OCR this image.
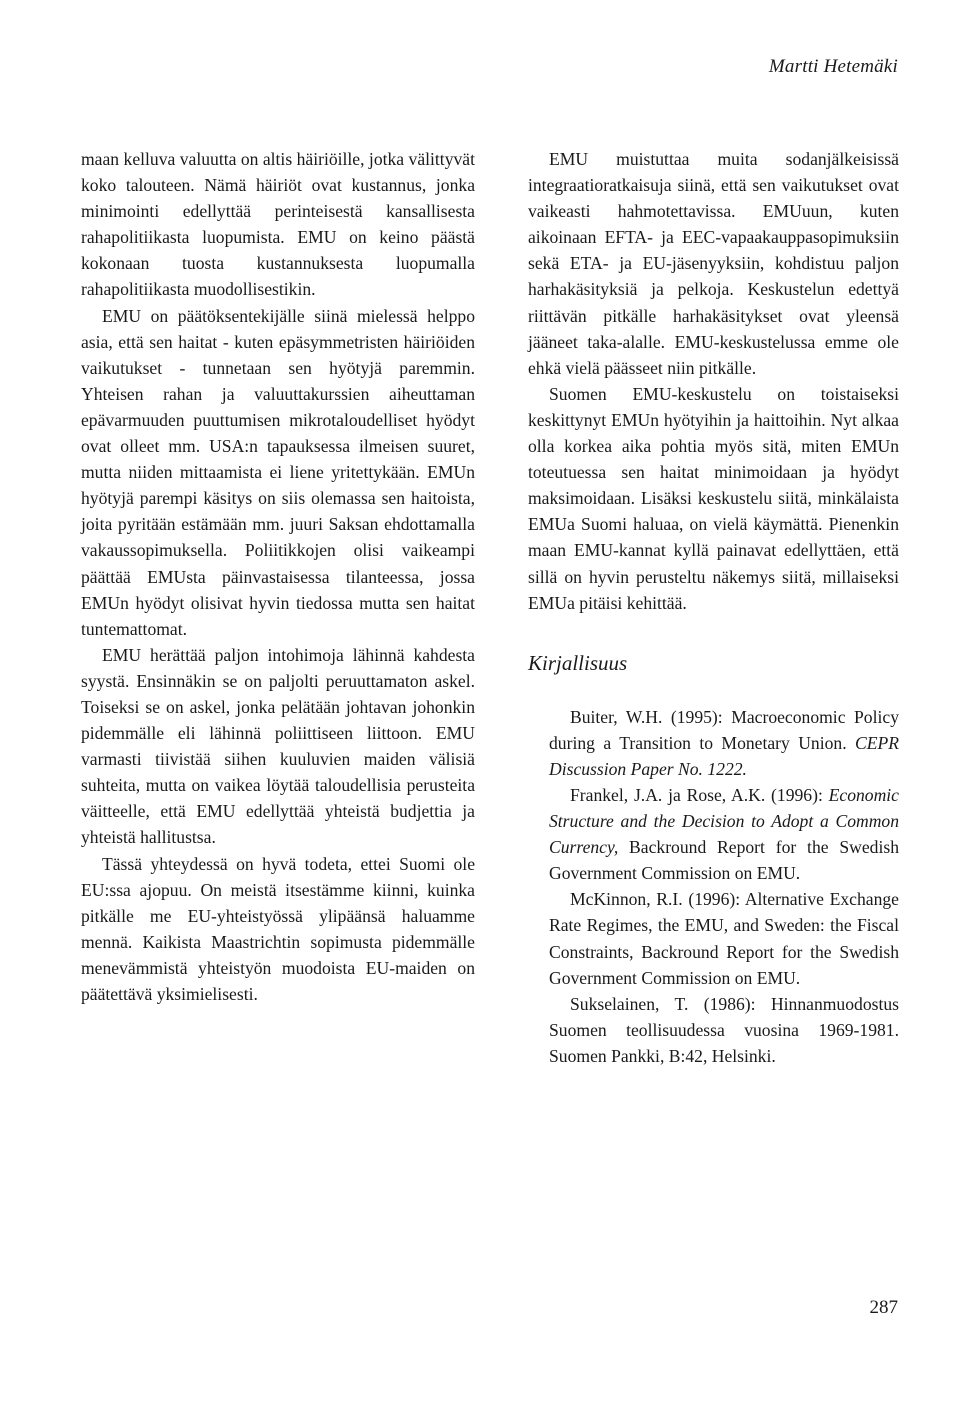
Martti Hetemäki

maan kelluva valuutta on altis häiriöille, jotka välittyvät koko talouteen. Nämä häiriöt ovat kustannus, jonka minimointi edellyttää perinteisestä kansallisesta rahapolitiikasta luopumista. EMU on keino päästä kokonaan tuosta kustannuksesta luopumalla rahapolitiikasta muodollisestikin.

EMU on päätöksentekijälle siinä mielessä helppo asia, että sen haitat - kuten epäsymmetristen häiriöiden vaikutukset - tunnetaan sen hyötyjä paremmin. Yhteisen rahan ja valuuttakurssien aiheuttaman epävarmuuden puuttumisen mikrotaloudelliset hyödyt ovat olleet mm. USA:n tapauksessa ilmeisen suuret, mutta niiden mittaamista ei liene yritettykään. EMUn hyötyjä parempi käsitys on siis olemassa sen haitoista, joita pyritään estämään mm. juuri Saksan ehdottamalla vakaussopimuksella. Poliitikkojen olisi vaikeampi päättää EMUsta päinvastaisessa tilanteessa, jossa EMUn hyödyt olisivat hyvin tiedossa mutta sen haitat tuntemattomat.

EMU herättää paljon intohimoja lähinnä kahdesta syystä. Ensinnäkin se on paljolti peruuttamaton askel. Toiseksi se on askel, jonka pelätään johtavan johonkin pidemmälle eli lähinnä poliittiseen liittoon. EMU varmasti tiivistää siihen kuuluvien maiden välisiä suhteita, mutta on vaikea löytää taloudellisia perusteita väitteelle, että EMU edellyttää yhteistä budjettia ja yhteistä hallitustsa.

Tässä yhteydessä on hyvä todeta, ettei Suomi ole EU:ssa ajopuu. On meistä itsestämme kiinni, kuinka pitkälle me EU-yhteistyössä ylipäänsä haluamme mennä. Kaikista Maastrichtin sopimusta pidemmälle menevämmistä yhteistyön muodoista EU-maiden on päätettävä yksimielisesti.

EMU muistuttaa muita sodanjälkeisissä integraatioratkaisuja siinä, että sen vaikutukset ovat vaikeasti hahmotettavissa. EMUuun, kuten aikoinaan EFTA- ja EEC-vapaakauppasopimuksiin sekä ETA- ja EU-jäsenyyksiin, kohdistuu paljon harhakäsityksiä ja pelkoja. Keskustelun edettyä riittävän pitkälle harhakäsitykset ovat yleensä jääneet taka-alalle. EMU-keskustelussa emme ole ehkä vielä päässeet niin pitkälle.

Suomen EMU-keskustelu on toistaiseksi keskittynyt EMUn hyötyihin ja haittoihin. Nyt alkaa olla korkea aika pohtia myös sitä, miten EMUn toteutuessa sen haitat minimoidaan ja hyödyt maksimoidaan. Lisäksi keskustelu siitä, minkälaista EMUa Suomi haluaa, on vielä käymättä. Pienenkin maan EMU-kannat kyllä painavat edellyttäen, että sillä on hyvin perusteltu näkemys siitä, millaiseksi EMUa pitäisi kehittää.

Kirjallisuus

Buiter, W.H. (1995): Macroeconomic Policy during a Transition to Monetary Union. CEPR Discussion Paper No. 1222.

Frankel, J.A. ja Rose, A.K. (1996): Economic Structure and the Decision to Adopt a Common Currency, Backround Report for the Swedish Government Commission on EMU.

McKinnon, R.I. (1996): Alternative Exchange Rate Regimes, the EMU, and Sweden: the Fiscal Constraints, Backround Report for the Swedish Government Commission on EMU.

Sukselainen, T. (1986): Hinnanmuodostus Suomen teollisuudessa vuosina 1969-1981. Suomen Pankki, B:42, Helsinki.

287
